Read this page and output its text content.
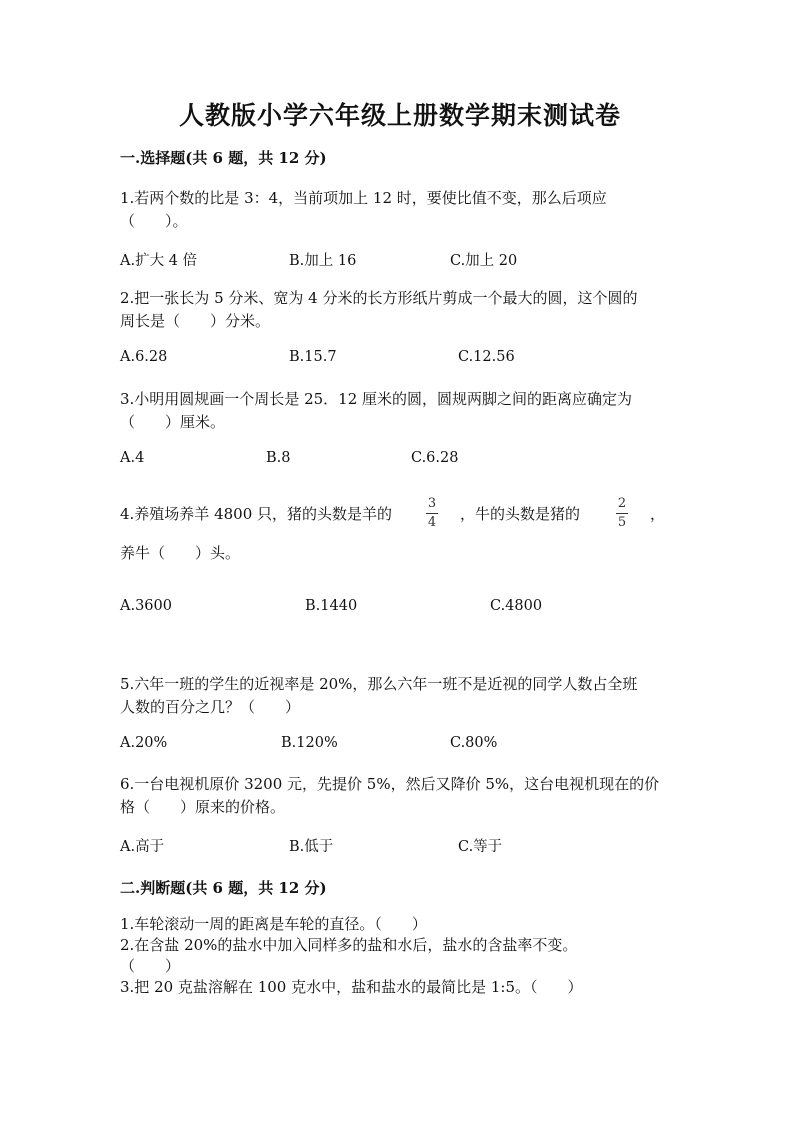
人教版小学六年级上册数学期末测试卷
一.选择题(共 6 题，共 12 分)
1.若两个数的比是 3：4，当前项加上 12 时，要使比值不变，那么后项应
（　　）。
A.扩大 4 倍	B.加上 16	C.加上 20
2.把一张长为 5 分米、宽为 4 分米的长方形纸片剪成一个最大的圆，这个圆的
周长是（　　）分米。
A.6.28	B.15.7	C.12.56
3.小明用圆规画一个周长是 25．12 厘米的圆，圆规两脚之间的距离应确定为
（　　）厘米。
A.4	B.8	C.6.28
4.养殖场养羊 4800 只，猪的头数是羊的
3
4 ，牛的头数是猪的
2
5 ，
养牛（　　）头。
A.3600	B.1440	C.4800
5.六年一班的学生的近视率是 20%，那么六年一班不是近视的同学人数占全班
人数的百分之几？（　　）
A.20%	B.120%	C.80%
6.一台电视机原价 3200 元，先提价 5%，然后又降价 5%，这台电视机现在的价
格（　　）原来的价格。
A.高于	B.低于	C.等于
二.判断题(共 6 题，共 12 分)
1.车轮滚动一周的距离是车轮的直径。（　　）
2.在含盐 20%的盐水中加入同样多的盐和水后，盐水的含盐率不变。
（　　）
3.把 20 克盐溶解在 100 克水中，盐和盐水的最简比是 1:5。（　　）
